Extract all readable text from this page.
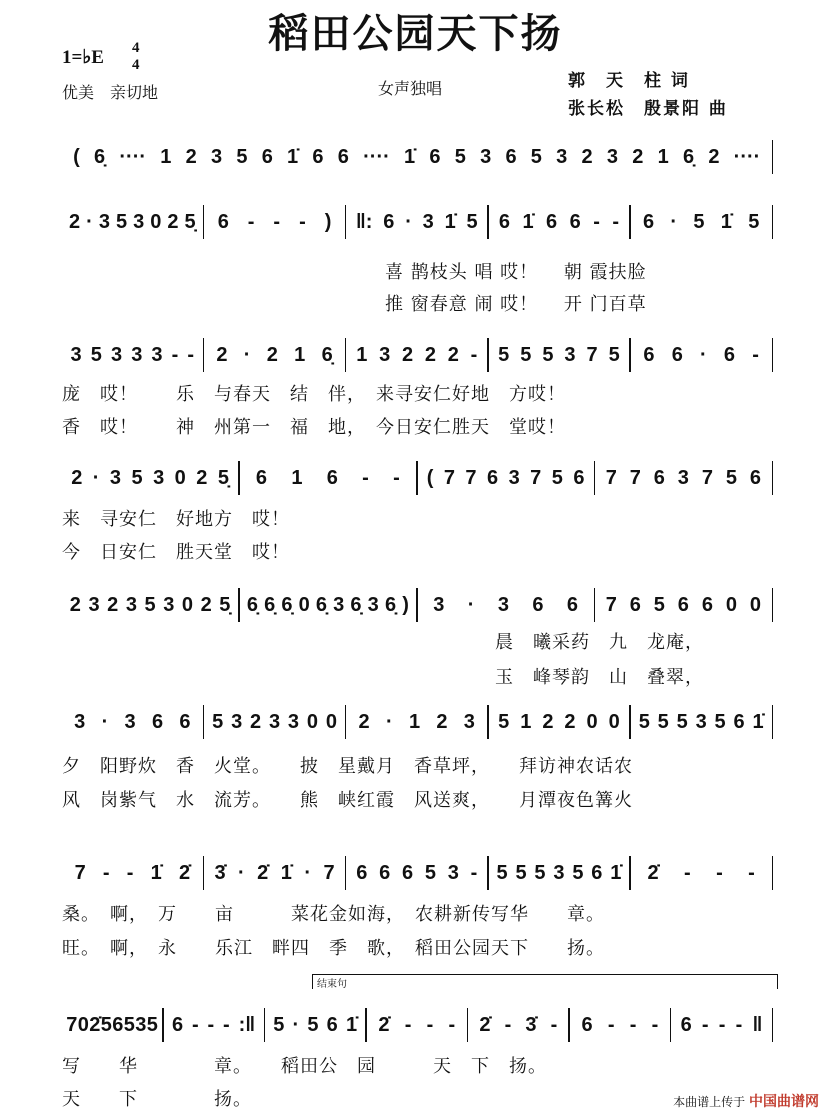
稻田公园天下扬
1=♭E 4
4
优美　亲切地	女声独唱	郭　天　柱 词
张长松　殷景阳 曲
( 6̣ ···· 1 2 3 5 6 1̇ 6 6 ···· 1̇ 6 5 3 6 5 3 2 3 2 1 6̣ 2 ····
2 · 3 5 3 0 2 5̣ 6 - - - ) ‖: 6 · 3 1̇ 5 6 1̇ 6 6 - - 6 · 5 1̇ 5
喜 鹊枝头 唱 哎！　 朝 霞扶脸
推 窗春意 闹 哎！　 开 门百草
3 5 3 3 3 - - 2 · 2 1 6̣ 1 3 2 2 2 - 5 5 5 3 7 5 6 6 · 6 -
庞　哎！　　乐　与春天　结　伴，　来寻安仁好地　方哎！
香　哎！　　神　州第一　福　地，　今日安仁胜天　堂哎！
2 · 3 5 3 0 2 5̣ 6 1 6 - - ( 7 7 6 3 7 5 6 7 7 6 3 7 5 6
来　寻安仁　好地方　哎！
今　日安仁　胜天堂　哎！
2 3 2 3 5 3 0 2 5̣ 6̣ 6̣ 6̣ 0 6̣ 3 6̣ 3 6̣ ) 3 · 3 6 6 7 6 5 6 6 0 0
晨　曦采药　九　龙庵，
玉　峰琴韵　山　叠翠，
3 · 3 6 6 5 3 2 3 3 0 0 2 · 1 2 3 5 1 2 2 0 0 5 5 5 3 5 6 1̇
夕　阳野炊　香　火堂。　　披　星戴月　香草坪，　　拜访神农话农
风　岗紫气　水　流芳。　　熊　峡红霞　风送爽，　　月潭夜色篝火
7 - - 1̇ 2̇ 3̇ · 2̇ 1̇ · 7 6 6 6 5 3 - 5 5 5 3 5 6 1̇ 2̇ - - -
桑。　啊，　万　　亩　　　菜花金如海，　农耕新传写华　　章。
旺。　啊，　永　　乐江　畔四　季　歌，　稻田公园天下　　扬。
7 0 2̇ 5 6 5 3 5 6 - - - :‖ 5 · 5 6 1̇ 2̇ - - - 2̇ - 3̇ - 6 - - - 6 - - - ‖
写　　华　　　　章。　　稻田公　园　　　天　下　扬。
天　　下　　　　扬。
结束句
本曲谱上传于 中国曲谱网
